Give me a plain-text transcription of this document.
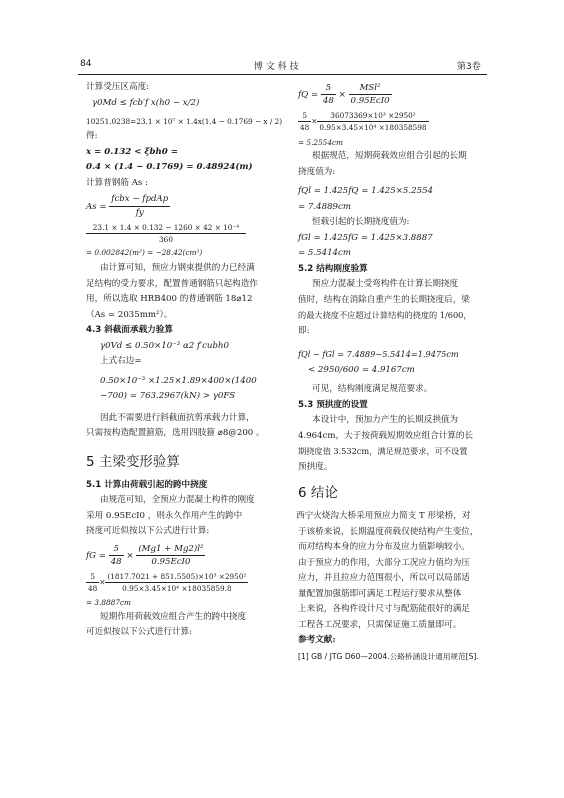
84	博 文 科 技	第3卷
计算受压区高度:
γ0Md ≤ fcb′f x(h0 − x/2)
10251.0238=23.1 × 10⁷ × 1.4x(1.4 − 0.1769 − x / 2)
得:
x = 0.132 < ξbh0 =
0.4 × (1.4 − 0.1769) = 0.48924(m)
计算普钢筋 As :
$As = \frac{\text{fcbx − fpdAp}}{fy}$
$\frac{\text{23.1 × 1.4 × 0.132 − 1260 × 42 × 10⁻⁴}}{360}$
= 0.002842(m²) = −28.42(cm²)
由计算可知，预应力钢束提供的力已经满
足结构的受力要求，配置普通钢筋只起构造作
用，所以选取 HRB400 的普通钢筋 18⌀12
（As = 2035mm²）。
4.3 斜截面承载力验算
γ0Vd ≤ 0.50×10⁻³ α2 f′cubh0
上式右边=
0.50×10⁻³ ×1.25×1.89×400×(1400
−700) = 763.2967(kN) > γ0FS
因此不需要进行斜截面抗剪承载力计算，
只需按构造配置箍筋，选用四肢箍 ⌀8@200 。
5 主梁变形验算
5.1 计算由荷载引起的跨中挠度
由规范可知，全预应力混凝土构件的刚度
采用 0.95EcI0 ，则永久作用产生的跨中
挠度可近似按以下公式进行计算:
fG = $\frac{5}{48} \times \frac{\text{(Mg1 + Mg2)l²}}{\text{0.95EcI0}}$
$\frac{5}{48} \times \frac{\text{(1817.7021 + 851.5505)×10³ ×2950²}}{\text{0.95×3.45×10⁴ ×18035859.8}}$
= 3.8887cm
短期作用荷载效应组合产生的跨中挠度
可近似按以下公式进行计算:
fQ = $\frac{5}{48} \times \frac{\text{MSl²}}{\text{0.95EcI0}}$
$\frac{5}{48} \times \frac{\text{36073369×10³ ×2950²}}{\text{0.95×3.45×10⁴ ×180358598}}$
= 5.2554cm
根据规范，短期荷载效应组合引起的长期
挠度值为:
fQl = 1.425fQ = 1.425×5.2554
= 7.4889cm
恒载引起的长期挠度值为:
fGl = 1.425fG = 1.425×3.8887
= 5.5414cm
5.2 结构刚度验算
预应力混凝土受弯构件在计算长期挠度
值时，结构在消除自重产生的长期挠度后，梁
的最大挠度不应超过计算结构的挠度的 1/600，
即:
fQl − fGl = 7.4889−5.5414=1.9475cm
< 2950/600 = 4.9167cm
可见，结构刚度满足规范要求。
5.3 预拱度的设置
本设计中，预加力产生的长期反拱值为
4.964cm，大于按荷载短期效应组合计算的长
期挠度值 3.532cm，满足规范要求，可不设置
预拱度。
6 结论
西宁火烧沟大桥采用预应力简支 T 形梁桥，对
于该桥来说，长期温度荷载仅使结构产生变位，
而对结构本身的应力分布及应力值影响较小。
由于预应力的作用，大部分工况应力值均为压
应力，并且拉应力范围很小，所以可以局部适
量配置加强筋即可满足工程运行要求从整体
上来说，各构件设计尺寸与配筋能很好的满足
工程各工况要求，只需保证施工质量即可。
参考文献:
[1] GB / JTG D60—2004.公路桥涵设计通用规范[S].
